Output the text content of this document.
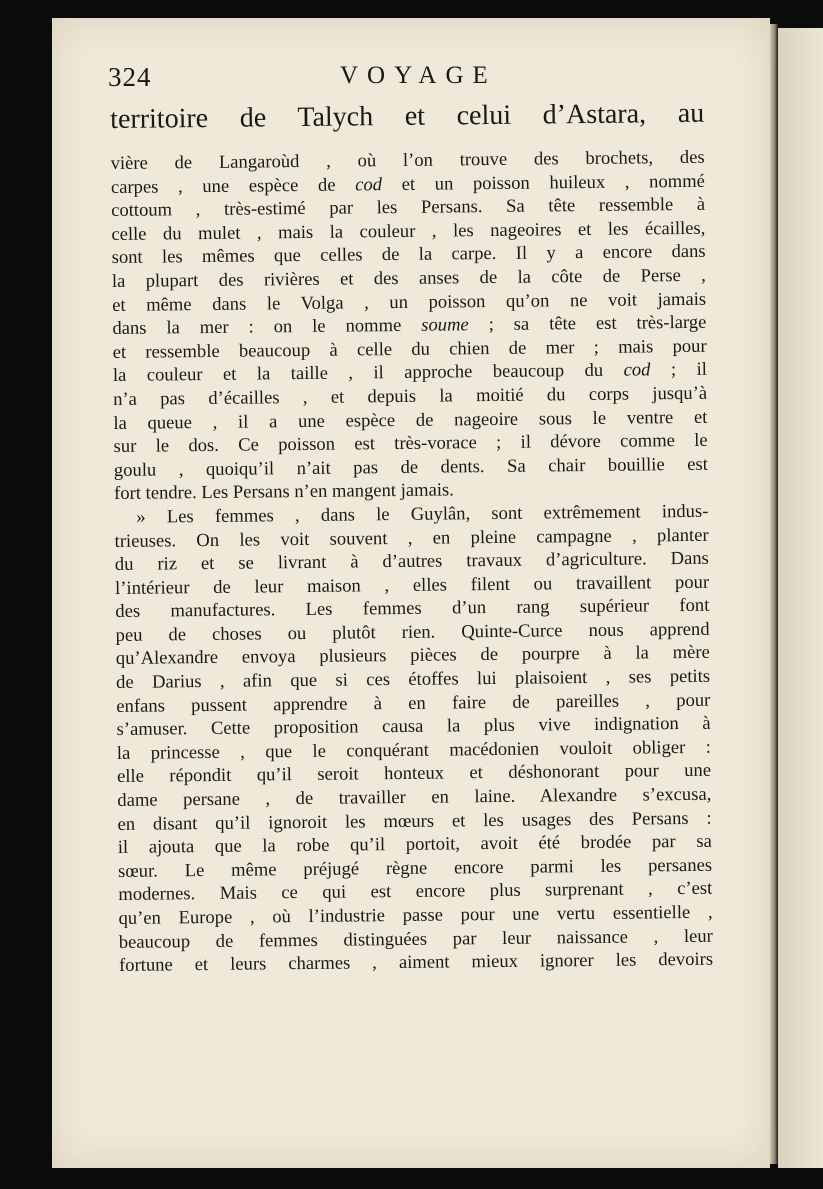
324	VOYAGE
territoire de Talych et celui d’Astara, au
vière de Langaroùd , où l’on trouve des brochets, des
carpes , une espèce de cod et un poisson huileux , nommé
cottoum , très-estimé par les Persans. Sa tête ressemble à
celle du mulet , mais la couleur , les nageoires et les écailles,
sont les mêmes que celles de la carpe. Il y a encore dans
la plupart des rivières et des anses de la côte de Perse ,
et même dans le Volga , un poisson qu’on ne voit jamais
dans la mer : on le nomme soume ; sa tête est très-large
et ressemble beaucoup à celle du chien de mer ; mais pour
la couleur et la taille , il approche beaucoup du cod ; il
n’a pas d’écailles , et depuis la moitié du corps jusqu’à
la queue , il a une espèce de nageoire sous le ventre et
sur le dos. Ce poisson est très-vorace ; il dévore comme le
goulu , quoiqu’il n’ait pas de dents. Sa chair bouillie est
fort tendre. Les Persans n’en mangent jamais.
» Les femmes , dans le Guylân, sont extrêmement indus-
trieuses. On les voit souvent , en pleine campagne , planter
du riz et se livrant à d’autres travaux d’agriculture. Dans
l’intérieur de leur maison , elles filent ou travaillent pour
des manufactures. Les femmes d’un rang supérieur font
peu de choses ou plutôt rien. Quinte-Curce nous apprend
qu’Alexandre envoya plusieurs pièces de pourpre à la mère
de Darius , afin que si ces étoffes lui plaisoient , ses petits
enfans pussent apprendre à en faire de pareilles , pour
s’amuser. Cette proposition causa la plus vive indignation à
la princesse , que le conquérant macédonien vouloit obliger :
elle répondit qu’il seroit honteux et déshonorant pour une
dame persane , de travailler en laine. Alexandre s’excusa,
en disant qu’il ignoroit les mœurs et les usages des Persans :
il ajouta que la robe qu’il portoit, avoit été brodée par sa
sœur. Le même préjugé règne encore parmi les persanes
modernes. Mais ce qui est encore plus surprenant , c’est
qu’en Europe , où l’industrie passe pour une vertu essentielle ,
beaucoup de femmes distinguées par leur naissance , leur
fortune et leurs charmes , aiment mieux ignorer les devoirs
